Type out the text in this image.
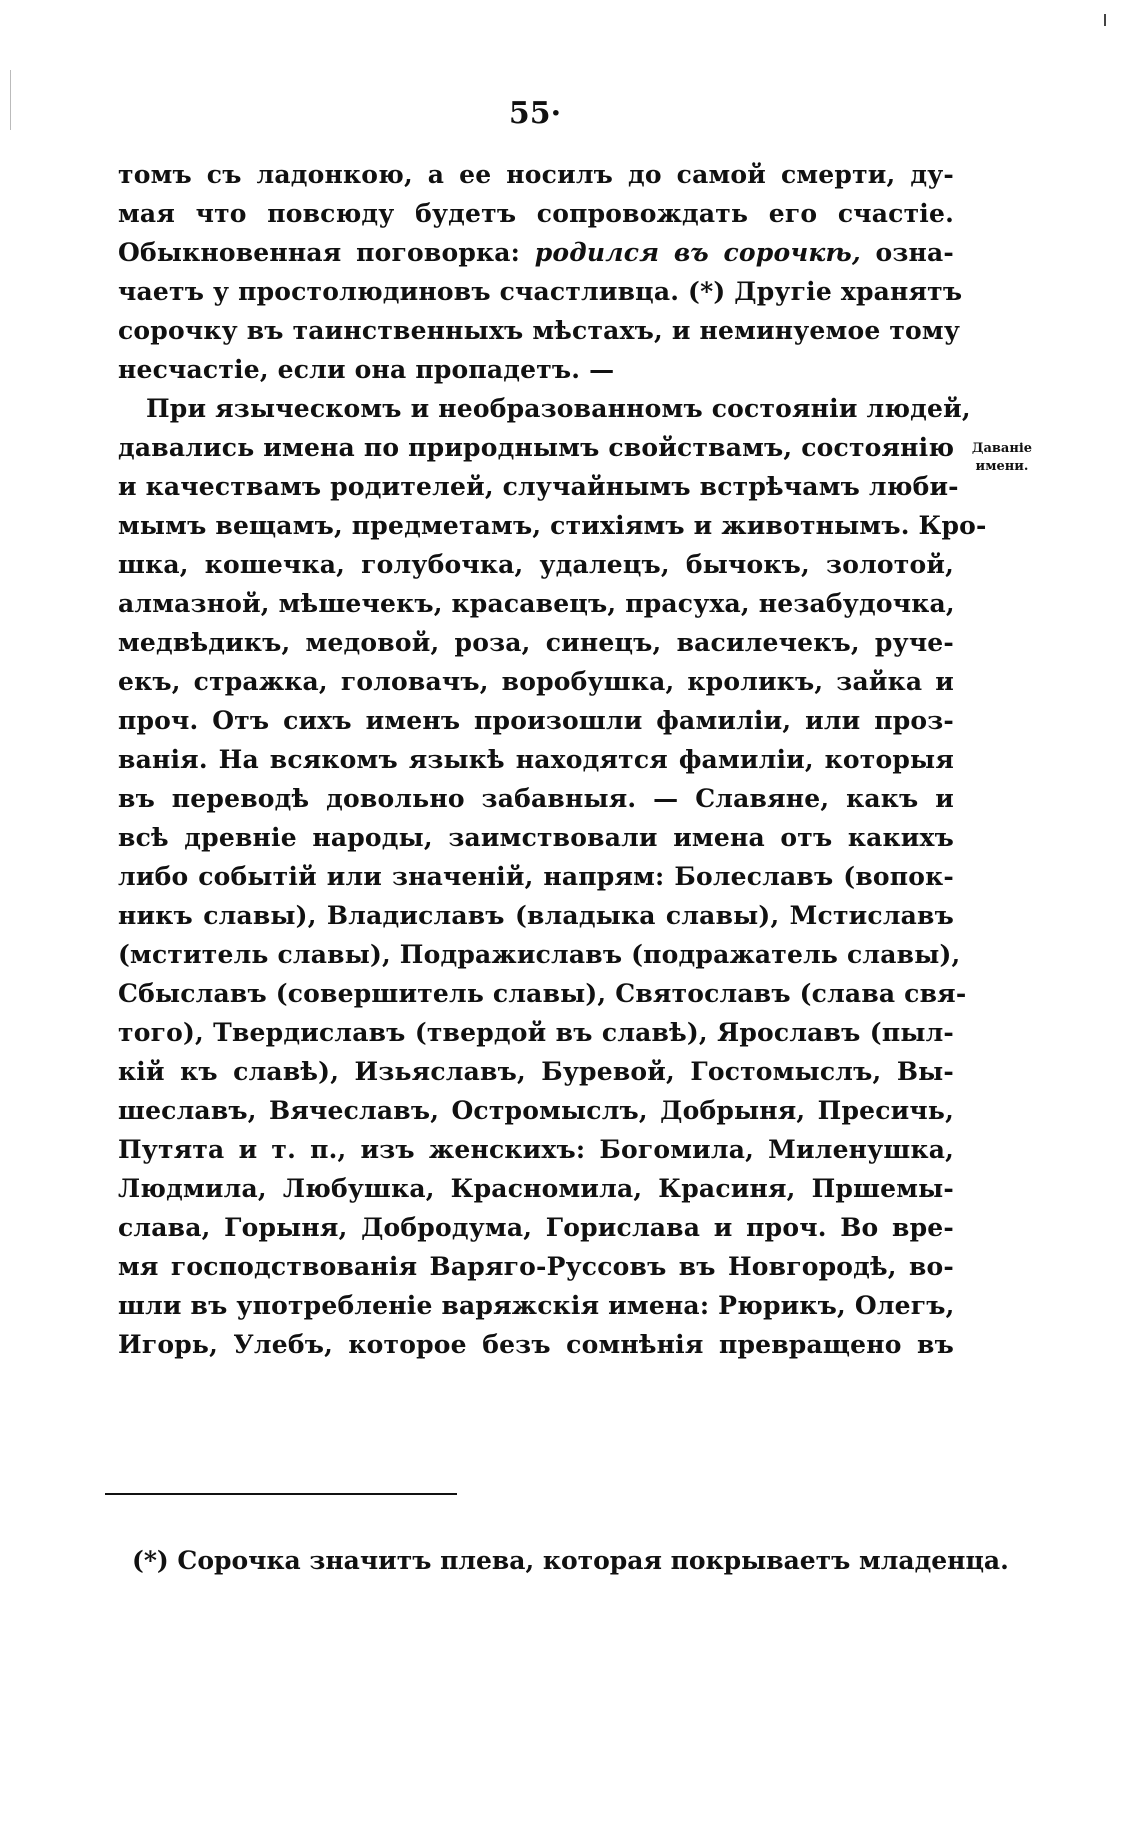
55·
томъ съ ладонкою, а ее носилъ до самой смерти, ду-
мая что повсюду будетъ сопровождать его счастіе.
Обыкновенная поговорка: родился въ сорочкѣ, озна-
чаетъ у простолюдиновъ счастливца. (*) Другіе хранятъ
сорочку въ таинственныхъ мѣстахъ, и неминуемое тому
несчастіе, если она пропадетъ. —
При языческомъ и необразованномъ состояніи людей,
давались имена по природнымъ свойствамъ, состоянію
и качествамъ родителей, случайнымъ встрѣчамъ люби-
мымъ вещамъ, предметамъ, стихіямъ и животнымъ. Кро-
шка, кошечка, голубочка, удалецъ, бычокъ, золотой,
алмазной, мѣшечекъ, красавецъ, прасуха, незабудочка,
медвѣдикъ, медовой, роза, синецъ, василечекъ, руче-
екъ, стражка, головачъ, воробушка, кроликъ, зайка и
проч. Отъ сихъ именъ произошли фамиліи, или проз-
ванія. На всякомъ языкѣ находятся фамиліи, которыя
въ переводѣ довольно забавныя. — Славяне, какъ и
всѣ древніе народы, заимствовали имена отъ какихъ
либо событій или значеній, напрям: Болеславъ (вопок-
никъ славы), Владиславъ (владыка славы), Мстиславъ
(мститель славы), Подражиславъ (подражатель славы),
Сбыславъ (совершитель славы), Святославъ (слава свя-
того), Твердиславъ (твердой въ славѣ), Ярославъ (пыл-
кій къ славѣ), Изьяславъ, Буревой, Гостомыслъ, Вы-
шеславъ, Вячеславъ, Остромыслъ, Добрыня, Пресичь,
Путята и т. п., изъ женскихъ: Богомила, Миленушка,
Людмила, Любушка, Красномила, Красиня, Пршемы-
слава, Горыня, Добродума, Горислава и проч. Во вре-
мя господствованія Варяго-Руссовъ въ Новгородѣ, во-
шли въ употребленіе варяжскія имена: Рюрикъ, Олегъ,
Игорь, Улебъ, которое безъ сомнѣнія превращено въ
Даваніе
имени.
(*) Сорочка значитъ плева, которая покрываетъ младенца.
